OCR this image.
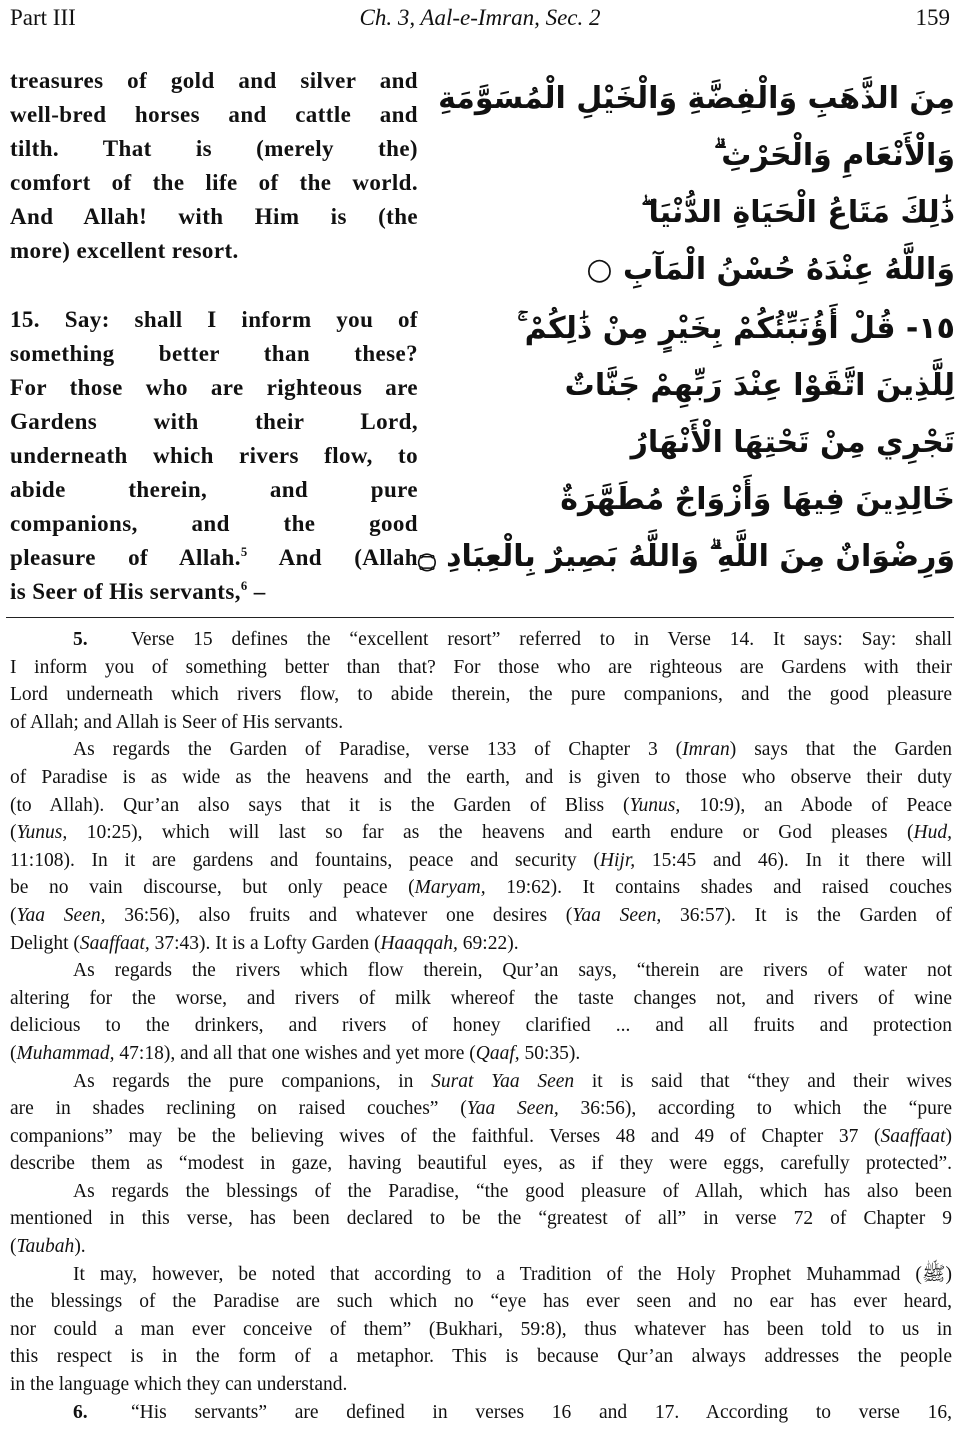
Part III	Ch. 3, Aal-e-Imran, Sec. 2	159
treasures of gold and silver and
well-bred horses and cattle and
tilth. That is (merely the)
comfort of the life of the world.
And Allah! with Him is (the
more) excellent resort.
15. Say: shall I inform you of
something better than these?
For those who are righteous are
Gardens with their Lord,
underneath which rivers flow, to
abide therein, and pure
companions, and the good
pleasure of Allah.$^5$ And (Allah
is Seer of His servants,$^6$ –
مِنَ الذَّهَبِ وَالْفِضَّةِ وَالْخَيْلِ الْمُسَوَّمَةِ
وَالْأَنْعَامِ وَالْحَرْثِ ۗ
ذَٰلِكَ مَتَاعُ الْحَيَاةِ الدُّنْيَا ۖ
وَاللَّهُ عِنْدَهُ حُسْنُ الْمَآبِ ○
١٥- قُلْ أَؤُنَبِّئُكُمْ بِخَيْرٍ مِنْ ذَٰلِكُمْ ۚ
لِلَّذِينَ اتَّقَوْا عِنْدَ رَبِّهِمْ جَنَّاتٌ
تَجْرِي مِنْ تَحْتِهَا الْأَنْهَارُ
خَالِدِينَ فِيهَا وَأَزْوَاجٌ مُطَهَّرَةٌ
وَرِضْوَانٌ مِنَ اللَّهِ ۗ وَاللَّهُ بَصِيرٌ بِالْعِبَادِ ۝
5. Verse 15 defines the “excellent resort” referred to in Verse 14. It says: Say: shall
I inform you of something better than that? For those who are righteous are Gardens with their
Lord underneath which rivers flow, to abide therein, the pure companions, and the good pleasure
of Allah; and Allah is Seer of His servants.
As regards the Garden of Paradise, verse 133 of Chapter 3 (Imran) says that the Garden
of Paradise is as wide as the heavens and the earth, and is given to those who observe their duty
(to Allah). Qur’an also says that it is the Garden of Bliss (Yunus, 10:9), an Abode of Peace
(Yunus, 10:25), which will last so far as the heavens and earth endure or God pleases (Hud,
11:108). In it are gardens and fountains, peace and security (Hijr, 15:45 and 46). In it there will
be no vain discourse, but only peace (Maryam, 19:62). It contains shades and raised couches
(Yaa Seen, 36:56), also fruits and whatever one desires (Yaa Seen, 36:57). It is the Garden of
Delight (Saaffaat, 37:43). It is a Lofty Garden (Haaqqah, 69:22).
As regards the rivers which flow therein, Qur’an says, “therein are rivers of water not
altering for the worse, and rivers of milk whereof the taste changes not, and rivers of wine
delicious to the drinkers, and rivers of honey clarified ... and all fruits and protection
(Muhammad, 47:18), and all that one wishes and yet more (Qaaf, 50:35).
As regards the pure companions, in Surat Yaa Seen it is said that “they and their wives
are in shades reclining on raised couches” (Yaa Seen, 36:56), according to which the “pure
companions” may be the believing wives of the faithful. Verses 48 and 49 of Chapter 37 (Saaffaat)
describe them as “modest in gaze, having beautiful eyes, as if they were eggs, carefully protected”.
As regards the blessings of the Paradise, “the good pleasure of Allah, which has also been
mentioned in this verse, has been declared to be the “greatest of all” in verse 72 of Chapter 9
(Taubah).
It may, however, be noted that according to a Tradition of the Holy Prophet Muhammad (ﷺ)
the blessings of the Paradise are such which no “eye has ever seen and no ear has ever heard,
nor could a man ever conceive of them” (Bukhari, 59:8), thus whatever has been told to us in
this respect is in the form of a metaphor. This is because Qur’an always addresses the people
in the language which they can understand.
6. “His servants” are defined in verses 16 and 17. According to verse 16,
